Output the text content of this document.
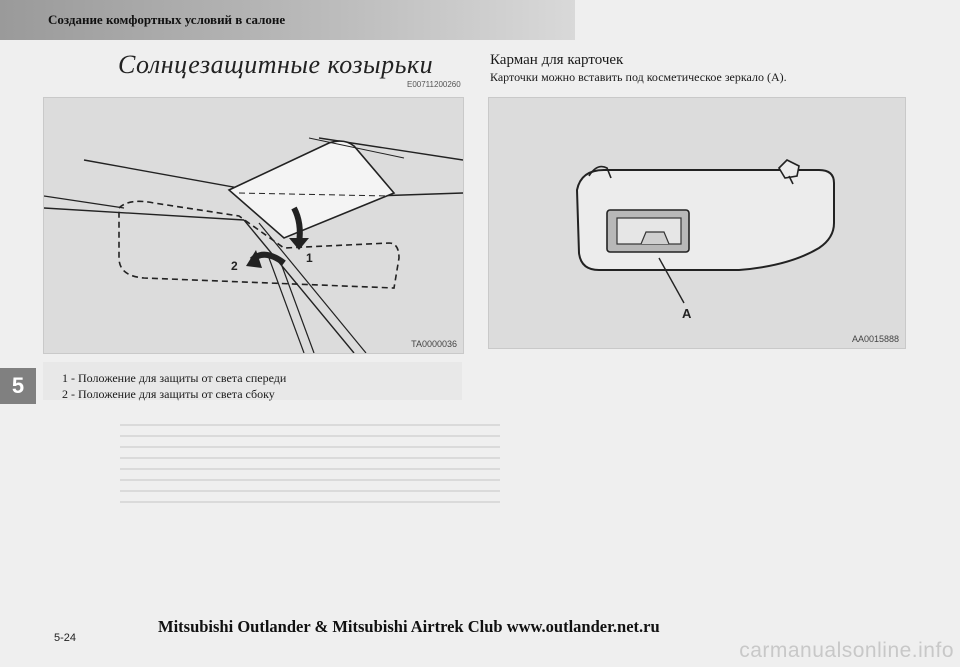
Создание комфортных условий в салоне
5
Солнцезащитные козырьки
E00711200260
1
2
TA0000036
1 - Положение для защиты от света спереди
2 - Положение для защиты от света сбоку
Карман для карточек
Карточки можно вставить под косметическое зеркало (A).
A
AA0015888
Mitsubishi Outlander & Mitsubishi Airtrek Club www.outlander.net.ru
5-24
carmanualsonline.info
